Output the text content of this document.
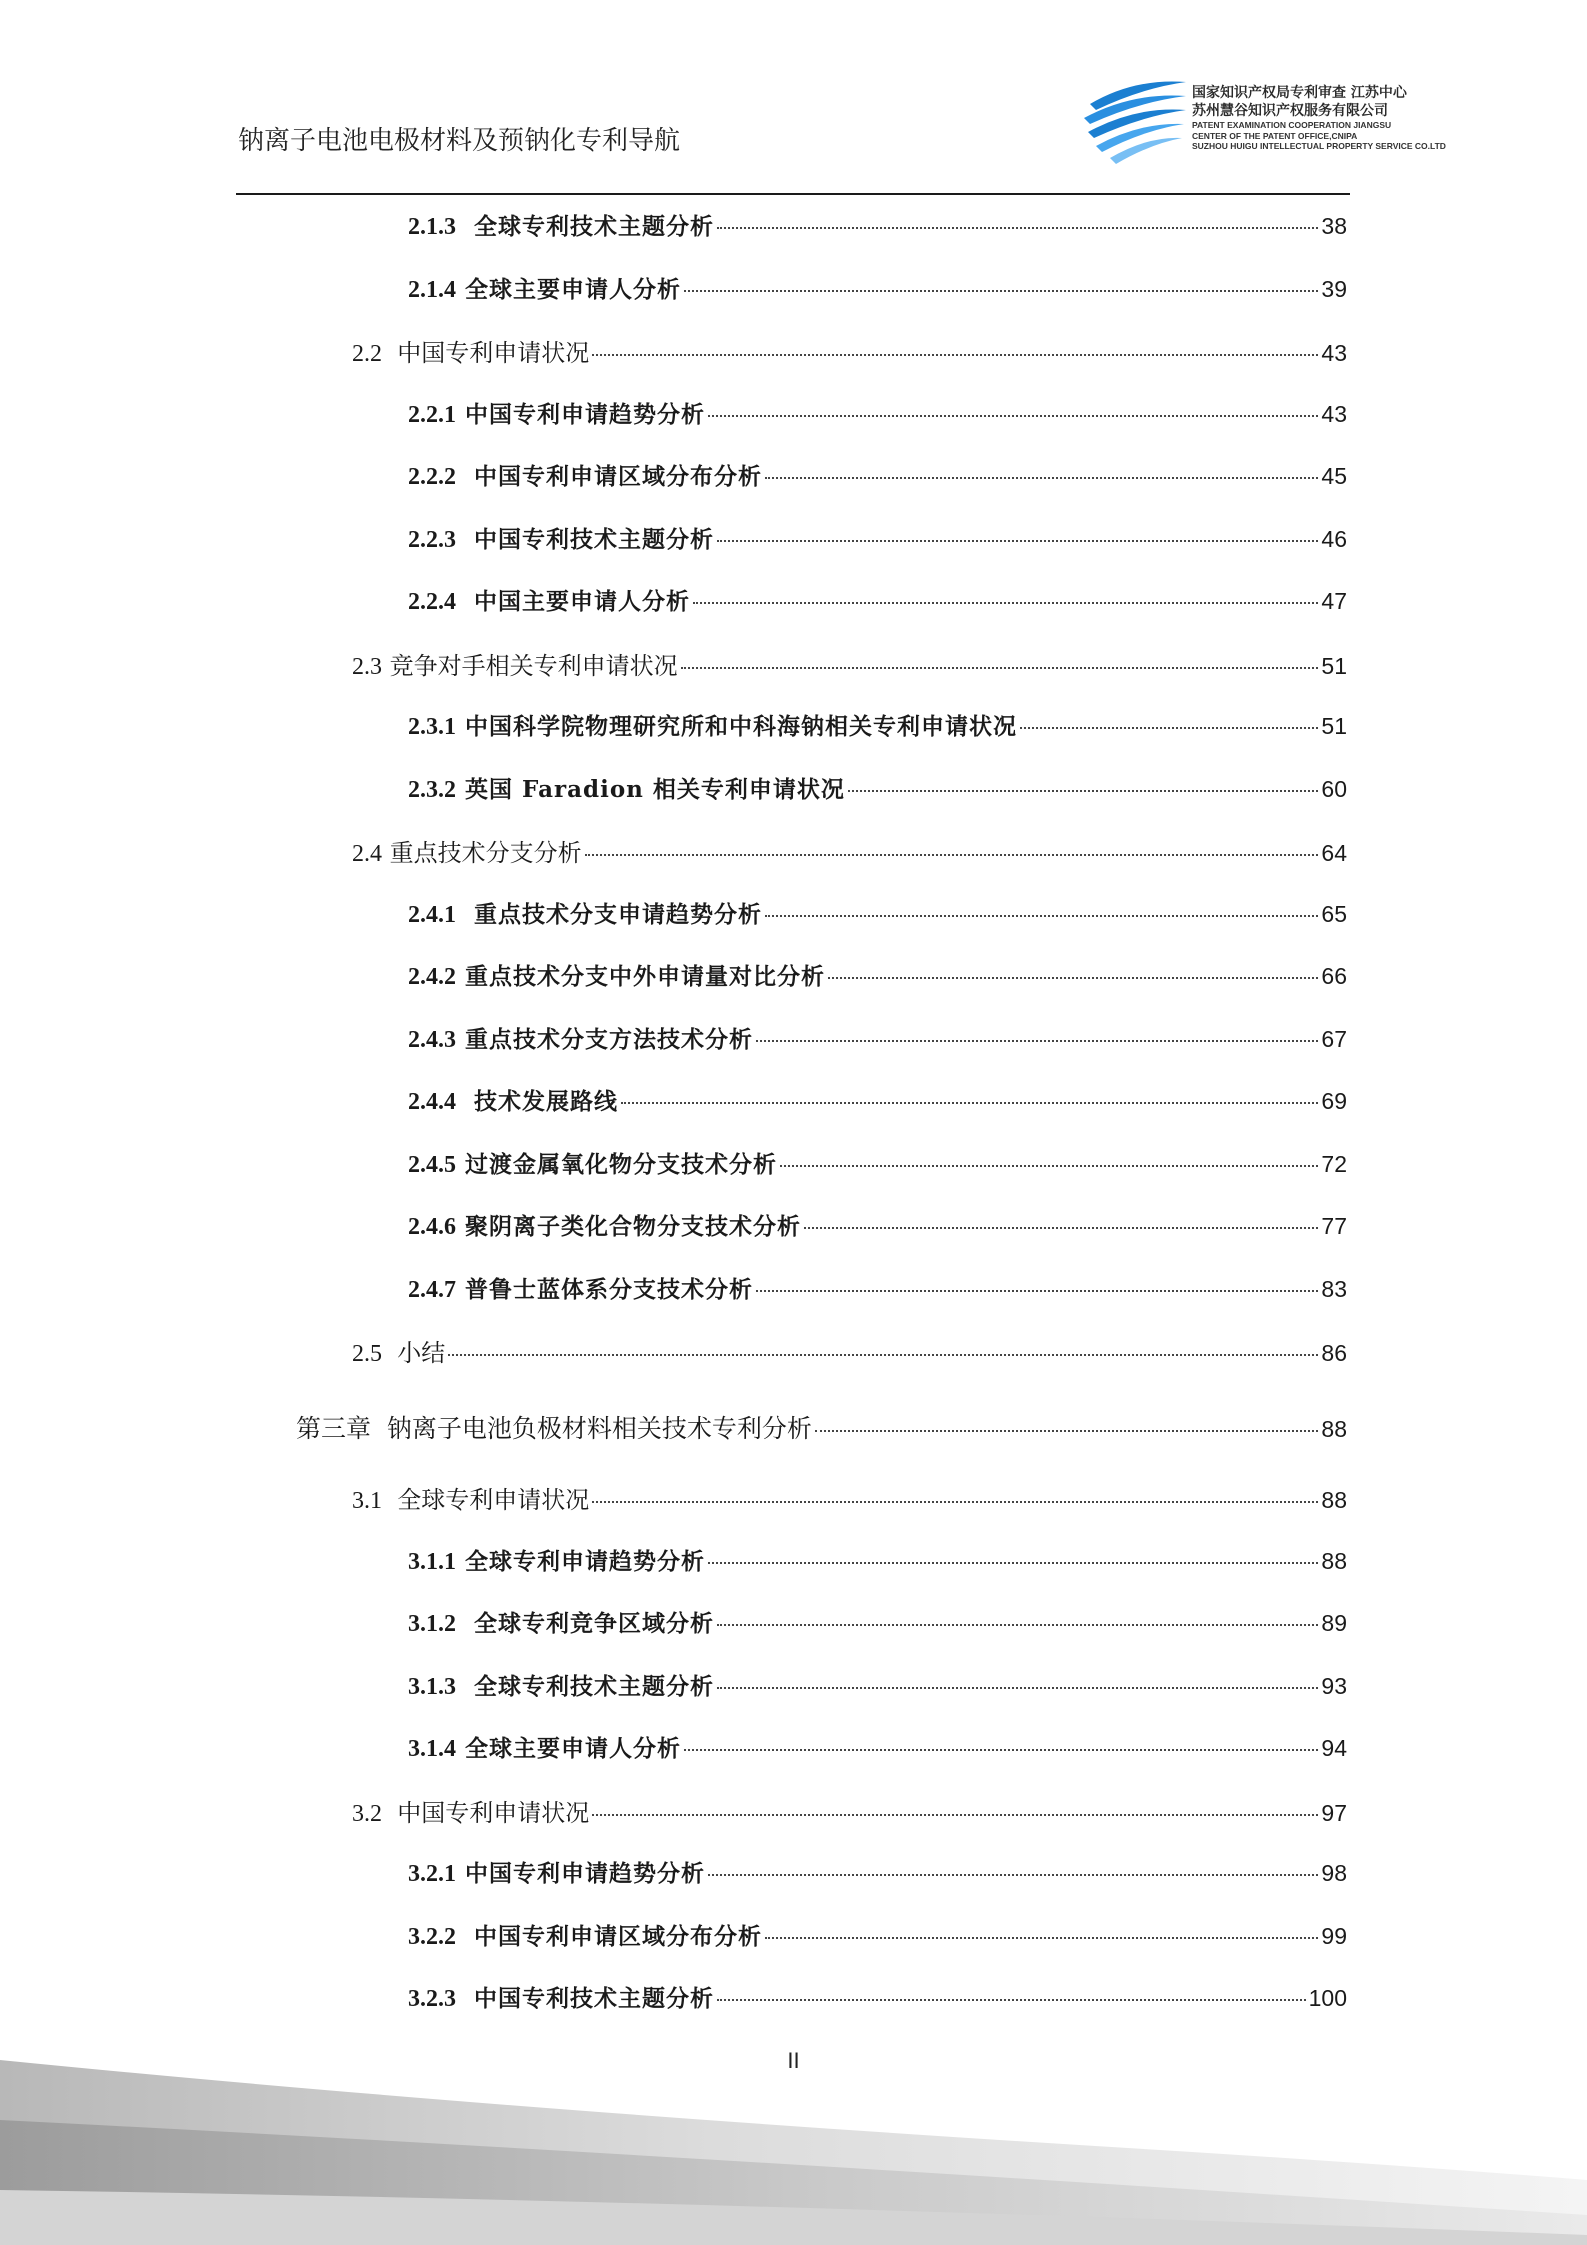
钠离子电池电极材料及预钠化专利导航
国家知识产权局专利审查 江苏中心
苏州慧谷知识产权服务有限公司
PATENT EXAMINATION COOPERATION JIANGSU
CENTER OF THE PATENT OFFICE,CNIPA
SUZHOU HUIGU INTELLECTUAL PROPERTY SERVICE CO.LTD
2.1.3 全球专利技术主题分析	38
2.1.4 全球主要申请人分析	39
2.2 中国专利申请状况	43
2.2.1 中国专利申请趋势分析	43
2.2.2 中国专利申请区域分布分析	45
2.2.3 中国专利技术主题分析	46
2.2.4 中国主要申请人分析	47
2.3 竞争对手相关专利申请状况	51
2.3.1 中国科学院物理研究所和中科海钠相关专利申请状况	51
2.3.2 英国 Faradion 相关专利申请状况	60
2.4 重点技术分支分析	64
2.4.1 重点技术分支申请趋势分析	65
2.4.2 重点技术分支中外申请量对比分析	66
2.4.3 重点技术分支方法技术分析	67
2.4.4 技术发展路线	69
2.4.5 过渡金属氧化物分支技术分析	72
2.4.6 聚阴离子类化合物分支技术分析	77
2.4.7 普鲁士蓝体系分支技术分析	83
2.5 小结	86
第三章 钠离子电池负极材料相关技术专利分析	88
3.1 全球专利申请状况	88
3.1.1 全球专利申请趋势分析	88
3.1.2 全球专利竞争区域分析	89
3.1.3 全球专利技术主题分析	93
3.1.4 全球主要申请人分析	94
3.2 中国专利申请状况	97
3.2.1 中国专利申请趋势分析	98
3.2.2 中国专利申请区域分布分析	99
3.2.3 中国专利技术主题分析	100
II
